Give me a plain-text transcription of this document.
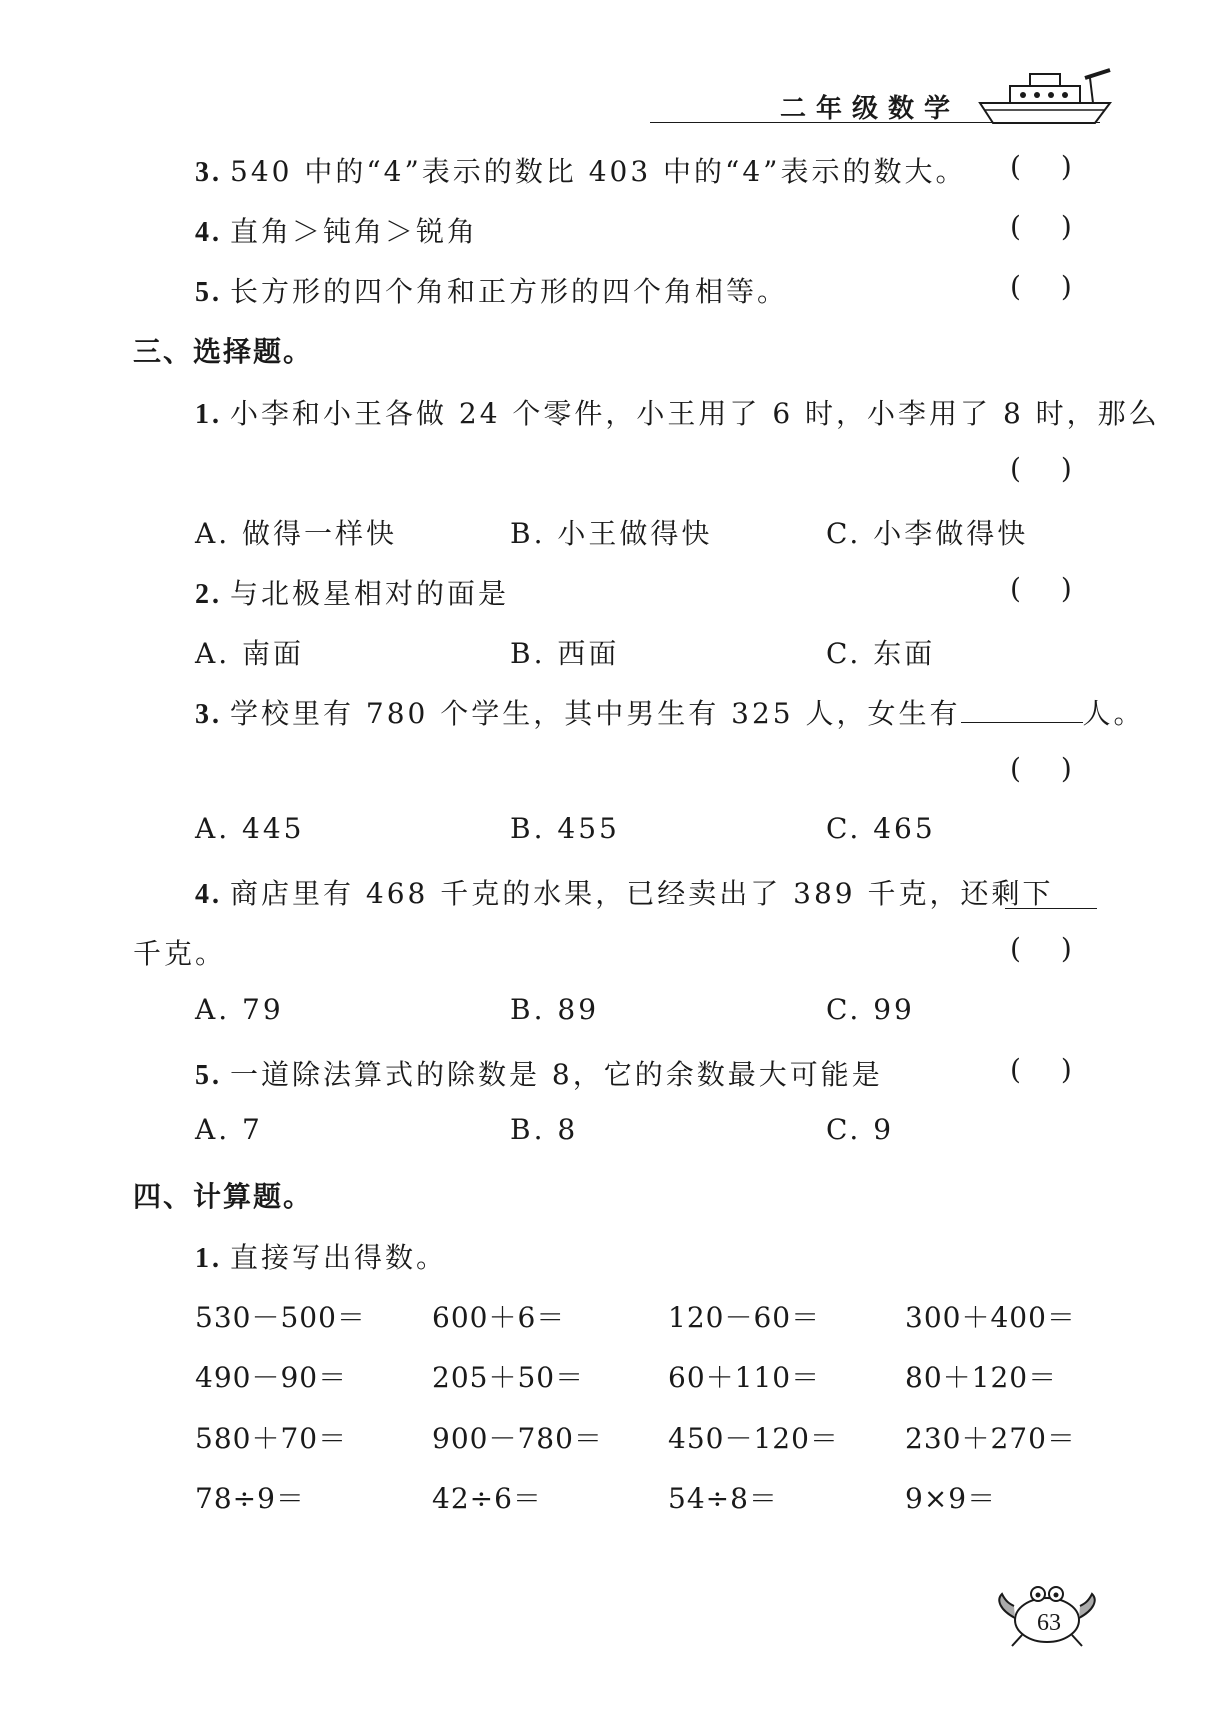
二年级数学
3. 540 中的“4”表示的数比 403 中的“4”表示的数大。 ()
4. 直角＞钝角＞锐角	()
5. 长方形的四个角和正方形的四个角相等。	()
三、选择题。
1. 小李和小王各做 24 个零件，小王用了 6 时，小李用了 8 时，那么
()
A. 做得一样快	B. 小王做得快	C. 小李做得快
2. 与北极星相对的面是	()
A. 南面	B. 西面	C. 东面
3. 学校里有 780 个学生，其中男生有 325 人，女生有	人。
()
A. 445	B. 455	C. 465
4. 商店里有 468 千克的水果，已经卖出了 389 千克，还剩下
千克。	()
A. 79	B. 89	C. 99
5. 一道除法算式的除数是 8，它的余数最大可能是	()
A. 7	B. 8	C. 9
四、计算题。
1. 直接写出得数。
530－500＝ 600＋6＝	120－60＝	300＋400＝
490－90＝	205＋50＝	60＋110＝	80＋120＝
580＋70＝	900－780＝ 450－120＝ 230＋270＝
78÷9＝	42÷6＝	54÷8＝	9×9＝
63
